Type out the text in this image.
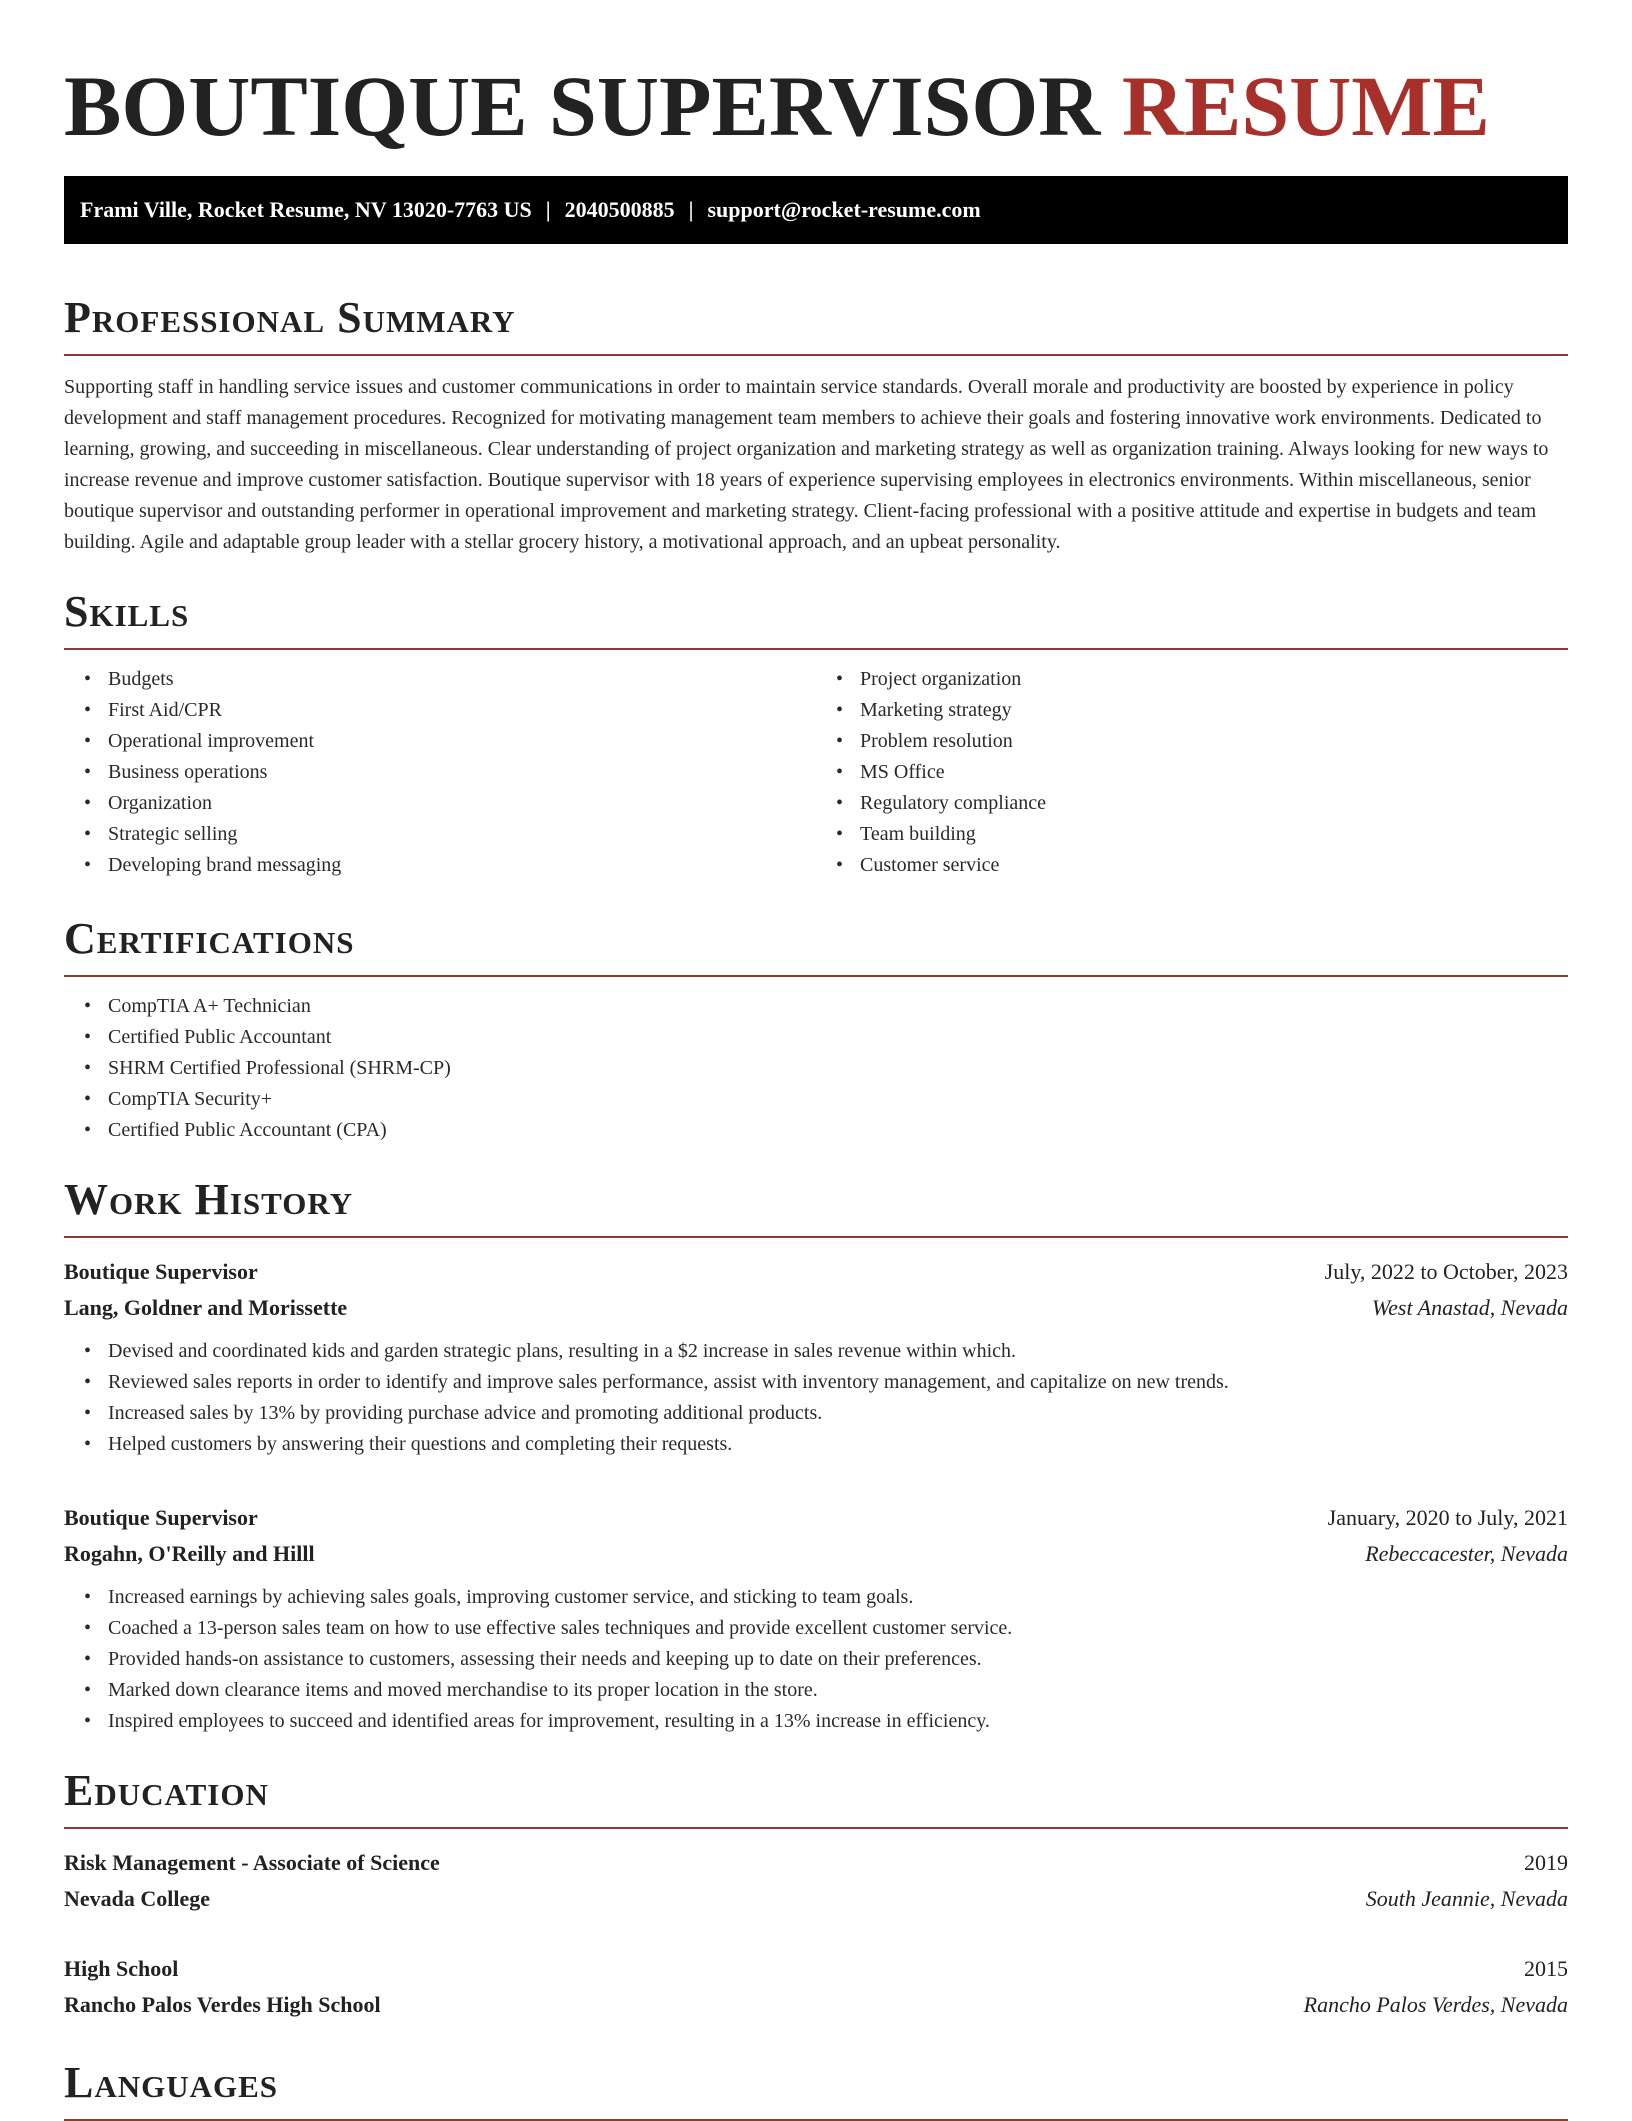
BOUTIQUE SUPERVISOR RESUME
Frami Ville, Rocket Resume, NV 13020-7763 US | 2040500885 | support@rocket-resume.com
Professional Summary

Supporting staff in handling service issues and customer communications in order to maintain service standards. Overall morale and productivity are boosted by experience in policy development and staff management procedures. Recognized for motivating management team members to achieve their goals and fostering innovative work environments. Dedicated to learning, growing, and succeeding in miscellaneous. Clear understanding of project organization and marketing strategy as well as organization training. Always looking for new ways to increase revenue and improve customer satisfaction. Boutique supervisor with 18 years of experience supervising employees in electronics environments. Within miscellaneous, senior boutique supervisor and outstanding performer in operational improvement and marketing strategy. Client-facing professional with a positive attitude and expertise in budgets and team building. Agile and adaptable group leader with a stellar grocery history, a motivational approach, and an upbeat personality.

Skills
• Budgets
• First Aid/CPR
• Operational improvement
• Business operations
• Organization
• Strategic selling
• Developing brand messaging
• Project organization
• Marketing strategy
• Problem resolution
• MS Office
• Regulatory compliance
• Team building
• Customer service
Certifications
• CompTIA A+ Technician
• Certified Public Accountant
• SHRM Certified Professional (SHRM-CP)
• CompTIA Security+
• Certified Public Accountant (CPA)
Work History
Boutique Supervisor	July, 2022 to October, 2023
Lang, Goldner and Morissette	West Anastad, Nevada
• Devised and coordinated kids and garden strategic plans, resulting in a $2 increase in sales revenue within which.
• Reviewed sales reports in order to identify and improve sales performance, assist with inventory management, and capitalize on new trends.
• Increased sales by 13% by providing purchase advice and promoting additional products.
• Helped customers by answering their questions and completing their requests.
Boutique Supervisor	January, 2020 to July, 2021
Rogahn, O'Reilly and Hilll	Rebeccacester, Nevada
• Increased earnings by achieving sales goals, improving customer service, and sticking to team goals.
• Coached a 13-person sales team on how to use effective sales techniques and provide excellent customer service.
• Provided hands-on assistance to customers, assessing their needs and keeping up to date on their preferences.
• Marked down clearance items and moved merchandise to its proper location in the store.
• Inspired employees to succeed and identified areas for improvement, resulting in a 13% increase in efficiency.
Education
Risk Management - Associate of Science	2019
Nevada College	South Jeannie, Nevada
High School	2015
Rancho Palos Verdes High School	Rancho Palos Verdes, Nevada
Languages
